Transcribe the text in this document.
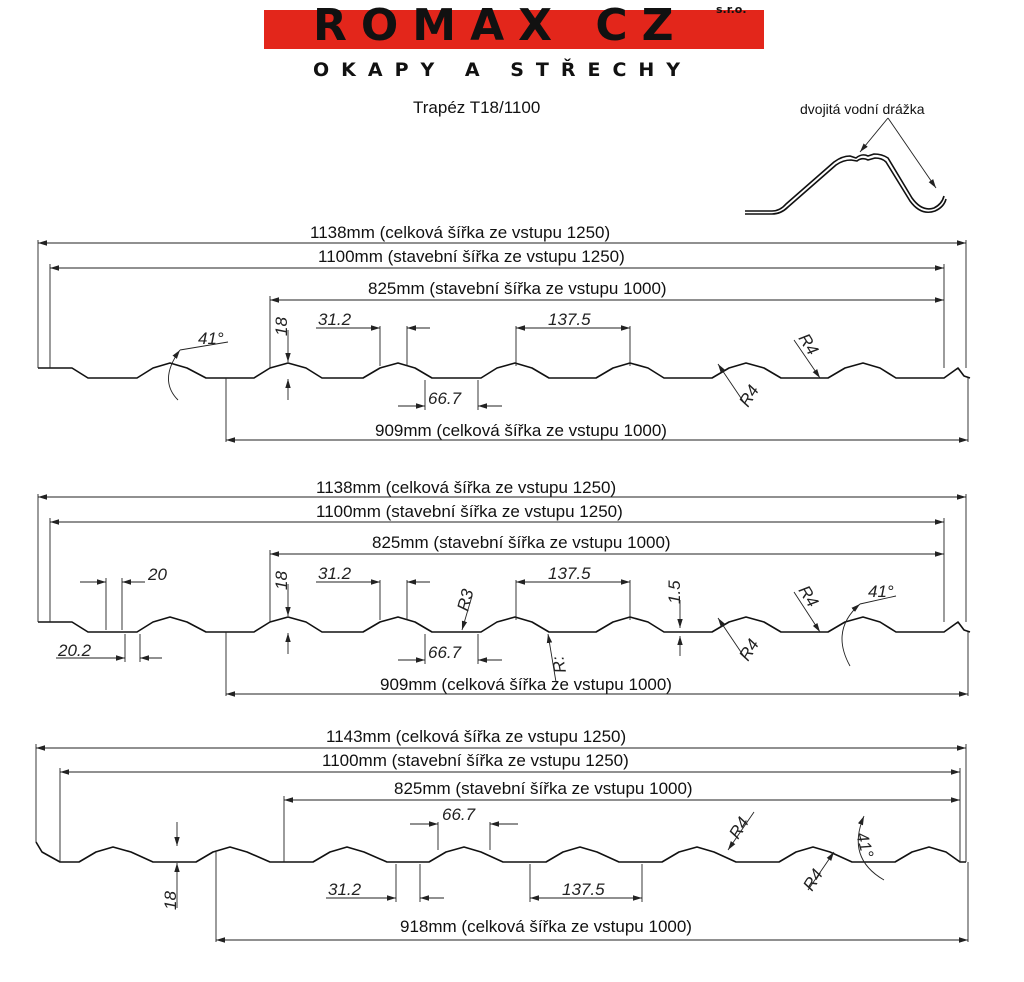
ROMAX CZ	s.r.o.
OKAPY A STŘECHY
Trapéz T18/1100	dvojitá vodní drážka
1138mm (celková šířka ze vstupu 1250)
1100mm (stavební šířka ze vstupu 1250)
825mm (stavební šířka ze vstupu 1000)
909mm (celková šířka ze vstupu 1000)
18 31.2	137.5
66.7
41°
R4
R4
1138mm (celková šířka ze vstupu 1250)
1100mm (stavební šířka ze vstupu 1250)
825mm (stavební šířka ze vstupu 1000)
909mm (celková šířka ze vstupu 1000)
20
20.2
18 31.2
R3
66.7
R:
137.5
1.5
R4
R4	41°
1143mm (celková šířka ze vstupu 1250)
1100mm (stavební šířka ze vstupu 1250)
825mm (stavební šířka ze vstupu 1000)
918mm (celková šířka ze vstupu 1000)
66.7
18
31.2	137.5
R4
R4
41°
